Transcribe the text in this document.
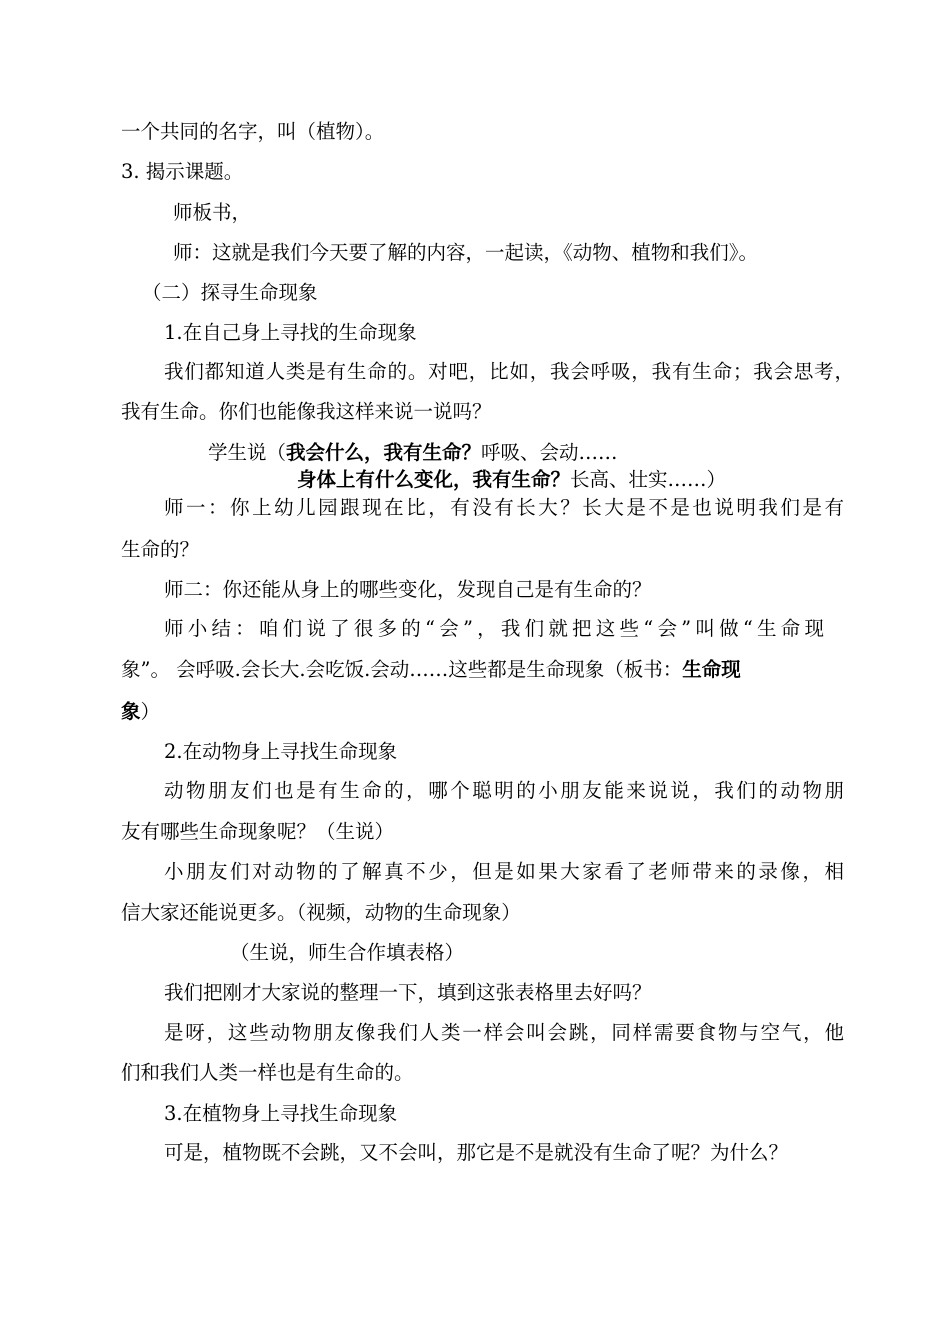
一个共同的名字，叫（植物）。
3. 揭示课题。
师板书，
师：这就是我们今天要了解的内容，一起读，《动物、植物和我们》。
（二）探寻生命现象
1.在自己身上寻找的生命现象
我们都知道人类是有生命的。对吧，比如，我会呼吸，我有生命；我会思考，
我有生命。你们也能像我这样来说一说吗？
学生说（我会什么，我有生命？呼吸、会动……
身体上有什么变化，我有生命？长高、壮实……）
师一：你上幼儿园跟现在比，有没有长大？长大是不是也说明我们是有
生命的？
师二：你还能从身上的哪些变化，发现自己是有生命的？
师小结：咱们说了很多的“会”，我们就把这些“会”叫做“生命现
象”。 会呼吸.会长大.会吃饭.会动……这些都是生命现象（板书：生命现
象）
2.在动物身上寻找生命现象
动物朋友们也是有生命的，哪个聪明的小朋友能来说说，我们的动物朋
友有哪些生命现象呢？（生说）
小朋友们对动物的了解真不少，但是如果大家看了老师带来的录像，相
信大家还能说更多。（视频，动物的生命现象）
（生说，师生合作填表格）
我们把刚才大家说的整理一下，填到这张表格里去好吗？
是呀，这些动物朋友像我们人类一样会叫会跳，同样需要食物与空气，他
们和我们人类一样也是有生命的。
3.在植物身上寻找生命现象
可是，植物既不会跳，又不会叫，那它是不是就没有生命了呢？为什么？
